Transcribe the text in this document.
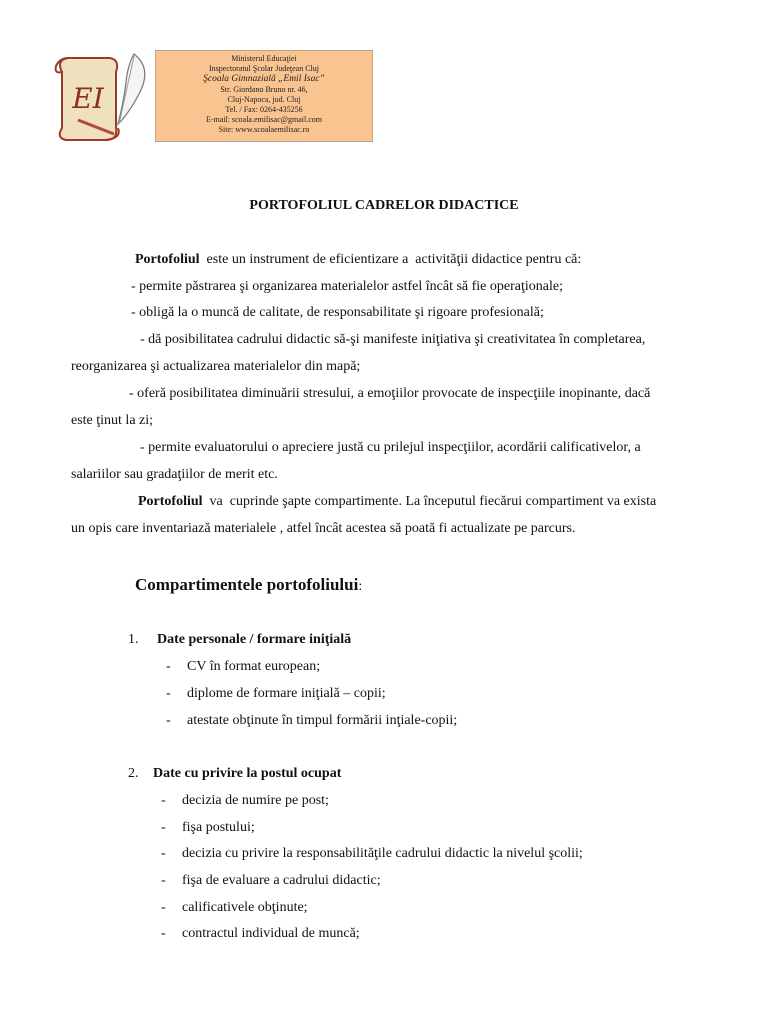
EI
Ministerul Educaţiei
Inspectoratul Şcolar Judeţean Cluj
Şcoala Gimnazială „Emil Isac”
Str. Giordano Bruno nr. 46,
Cluj-Napoca, jud. Cluj
Tel. / Fax: 0264-435256
E-mail: scoala.emilisac@gmail.com
Site: www.scoalaemilisac.ro
PORTOFOLIUL CADRELOR DIDACTICE
Portofoliul  este un instrument de eficientizare a  activităţii didactice pentru că:
- permite păstrarea şi organizarea materialelor astfel încât să fie operaţionale;
- obligă la o muncă de calitate, de responsabilitate şi rigoare profesională;
- dă posibilitatea cadrului didactic să-şi manifeste iniţiativa şi creativitatea în completarea,
reorganizarea şi actualizarea materialelor din mapă;
- oferă posibilitatea diminuării stresului, a emoţiilor provocate de inspecţiile inopinante, dacă
este ţinut la zi;
- permite evaluatorului o apreciere justă cu prilejul inspecţiilor, acordării calificativelor, a
salariilor sau gradaţiilor de merit etc.
Portofoliul  va  cuprinde şapte compartimente. La începutul fiecărui compartiment va exista
un opis care inventariază materialele , atfel încât acestea să poată fi actualizate pe parcurs.
Compartimentele portofoliului:
1. Date personale / formare iniţială
- CV în format european;
- diplome de formare iniţială – copii;
- atestate obţinute în timpul formării inţiale-copii;
2. Date cu privire la postul ocupat
- decizia de numire pe post;
- fişa postului;
- decizia cu privire la responsabilităţile cadrului didactic la nivelul şcolii;
- fişa de evaluare a cadrului didactic;
- calificativele obţinute;
- contractul individual de muncă;
